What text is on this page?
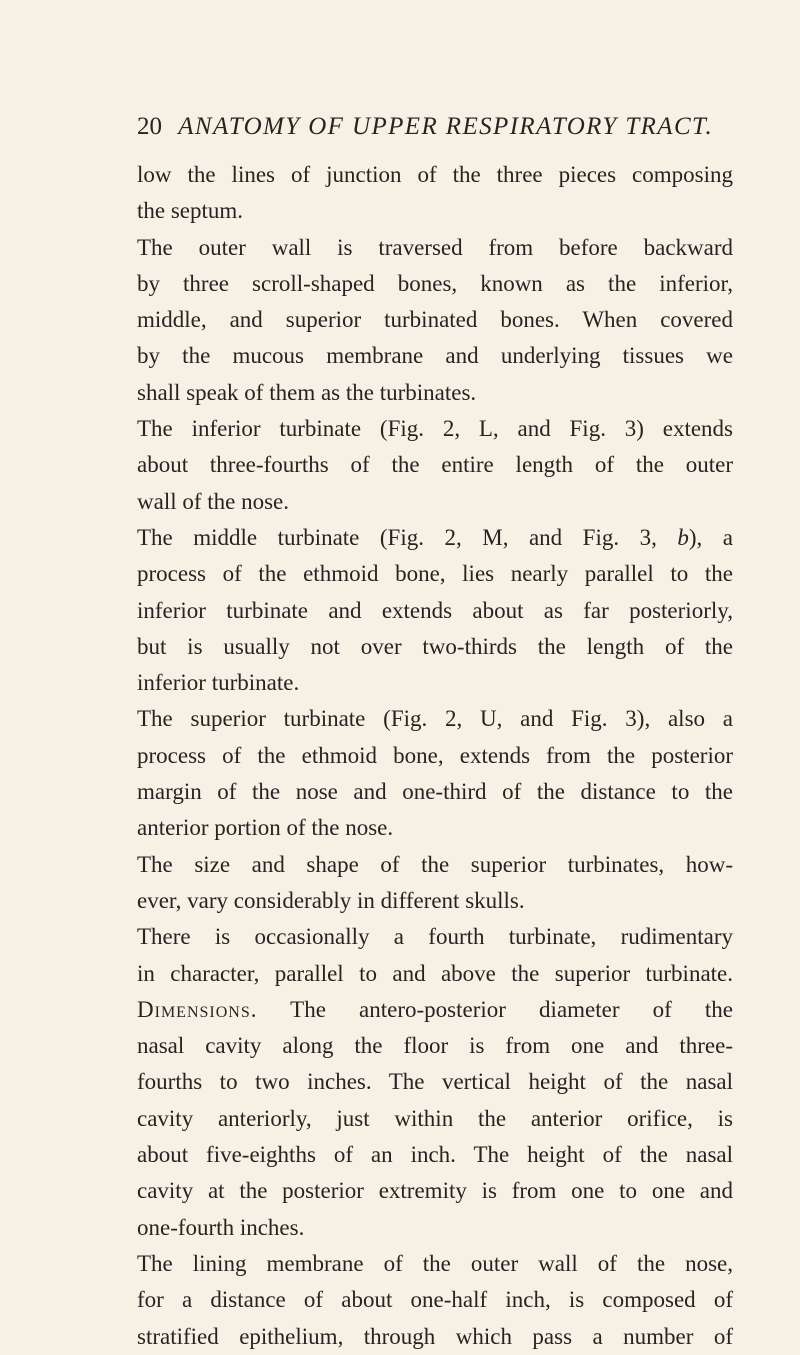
20 ANATOMY OF UPPER RESPIRATORY TRACT.
low the lines of junction of the three pieces composing
the septum.
The outer wall is traversed from before backward
by three scroll-shaped bones, known as the inferior,
middle, and superior turbinated bones. When covered
by the mucous membrane and underlying tissues we
shall speak of them as the turbinates.
The inferior turbinate (Fig. 2, L, and Fig. 3) extends
about three-fourths of the entire length of the outer
wall of the nose.
The middle turbinate (Fig. 2, M, and Fig. 3, b), a
process of the ethmoid bone, lies nearly parallel to the
inferior turbinate and extends about as far posteriorly,
but is usually not over two-thirds the length of the
inferior turbinate.
The superior turbinate (Fig. 2, U, and Fig. 3), also a
process of the ethmoid bone, extends from the posterior
margin of the nose and one-third of the distance to the
anterior portion of the nose.
The size and shape of the superior turbinates, how-
ever, vary considerably in different skulls.
There is occasionally a fourth turbinate, rudimentary
in character, parallel to and above the superior turbinate.
Dimensions. The antero-posterior diameter of the
nasal cavity along the floor is from one and three-
fourths to two inches. The vertical height of the nasal
cavity anteriorly, just within the anterior orifice, is
about five-eighths of an inch. The height of the nasal
cavity at the posterior extremity is from one to one and
one-fourth inches.
The lining membrane of the outer wall of the nose,
for a distance of about one-half inch, is composed of
stratified epithelium, through which pass a number of
